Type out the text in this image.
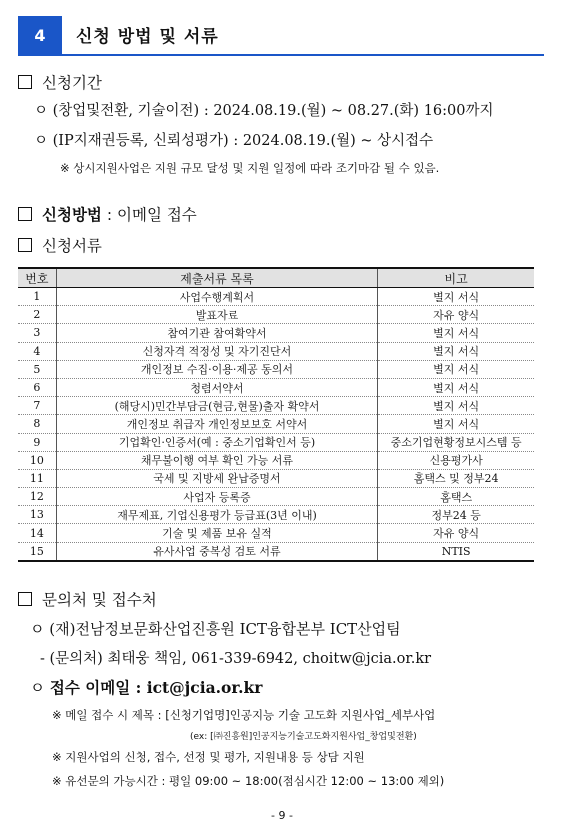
4 신청 방법 및 서류
신청기간
ㅇ (창업및전환, 기술이전) : 2024.08.19.(월) ~ 08.27.(화) 16:00까지
ㅇ (IP지재권등록, 신뢰성평가) : 2024.08.19.(월) ~ 상시접수
※ 상시지원사업은 지원 규모 달성 및 지원 일정에 따라 조기마감 될 수 있음.
신청방법 : 이메일 접수
신청서류
번호	제출서류 목록	비고
1	사업수행계획서	별지 서식
2	발표자료	자유 양식
3	참여기관 참여확약서	별지 서식
4	신청자격 적정성 및 자기진단서	별지 서식
5	개인정보 수집·이용·제공 동의서	별지 서식
6	청렴서약서	별지 서식
7	(해당시)민간부담금(현금,현물)출자 확약서	별지 서식
8	개인정보 취급자 개인정보보호 서약서	별지 서식
9	기업확인·인증서(예 : 중소기업확인서 등)	중소기업현황정보시스템 등
10	채무불이행 여부 확인 가능 서류	신용평가사
11	국세 및 지방세 완납증명서	홈택스 및 정부24
12	사업자 등록증	홈택스
13	재무제표, 기업신용평가 등급표(3년 이내)	정부24 등
14	기술 및 제품 보유 실적	자유 양식
15	유사사업 중복성 검토 서류	NTIS
문의처 및 접수처
ㅇ (재)전남정보문화산업진흥원 ICT융합본부 ICT산업팀
- (문의처) 최태웅 책임, 061-339-6942, choitw@jcia.or.kr
ㅇ 접수 이메일 : ict@jcia.or.kr
※ 메일 접수 시 제목 : [신청기업명]인공지능 기술 고도화 지원사업_세부사업
(ex: [㈜진흥원]인공지능기술고도화지원사업_창업및전환)
※ 지원사업의 신청, 접수, 선정 및 평가, 지원내용 등 상담 지원
※ 유선문의 가능시간 : 평일 09:00 ~ 18:00(점심시간 12:00 ~ 13:00 제외)
- 9 -
